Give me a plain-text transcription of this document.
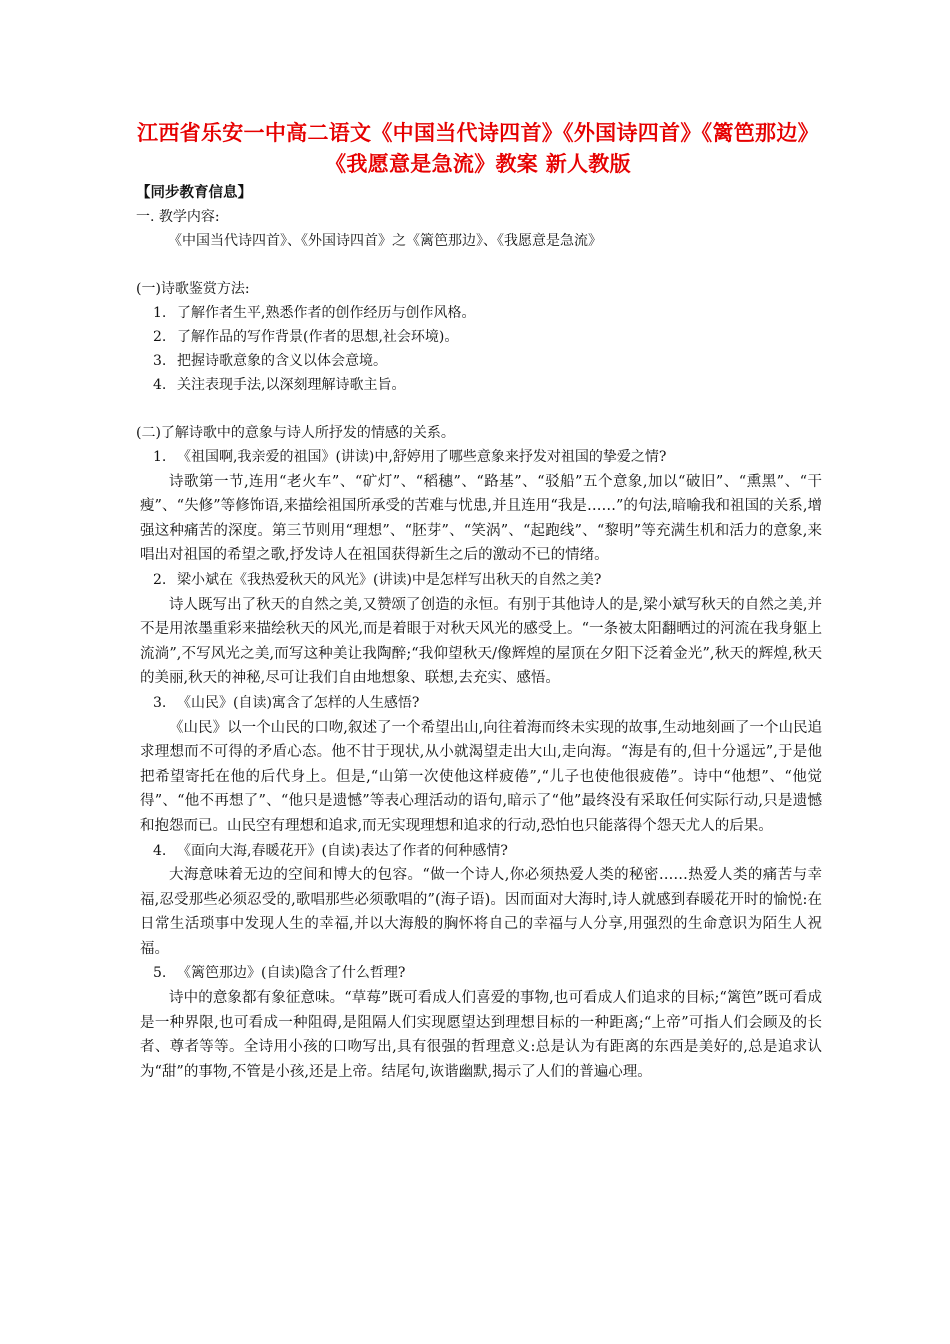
江西省乐安一中高二语文《中国当代诗四首》《外国诗四首》《篱笆那边》《我愿意是急流》教案 新人教版
【同步教育信息】
一. 教学内容:
《中国当代诗四首》、《外国诗四首》之《篱笆那边》、《我愿意是急流》
(一)诗歌鉴赏方法:
1. 了解作者生平,熟悉作者的创作经历与创作风格。
2. 了解作品的写作背景(作者的思想,社会环境)。
3. 把握诗歌意象的含义以体会意境。
4. 关注表现手法,以深刻理解诗歌主旨。
(二)了解诗歌中的意象与诗人所抒发的情感的关系。
1. 《祖国啊,我亲爱的祖国》(讲读)中,舒婷用了哪些意象来抒发对祖国的挚爱之情?

诗歌第一节,连用“老火车”、“矿灯”、“稻穗”、“路基”、“驳船”五个意象,加以“破旧”、“熏黑”、“干瘦”、“失修”等修饰语,来描绘祖国所承受的苦难与忧患,并且连用“我是……”的句法,暗喻我和祖国的关系,增强这种痛苦的深度。第三节则用“理想”、“胚芽”、“笑涡”、“起跑线”、“黎明”等充满生机和活力的意象,来唱出对祖国的希望之歌,抒发诗人在祖国获得新生之后的激动不已的情绪。

2. 梁小斌在《我热爱秋天的风光》(讲读)中是怎样写出秋天的自然之美?

诗人既写出了秋天的自然之美,又赞颂了创造的永恒。有别于其他诗人的是,梁小斌写秋天的自然之美,并不是用浓墨重彩来描绘秋天的风光,而是着眼于对秋天风光的感受上。“一条被太阳翻晒过的河流在我身躯上流淌”,不写风光之美,而写这种美让我陶醉;“我仰望秋天/像辉煌的屋顶在夕阳下泛着金光”,秋天的辉煌,秋天的美丽,秋天的神秘,尽可让我们自由地想象、联想,去充实、感悟。

3. 《山民》(自读)寓含了怎样的人生感悟?

《山民》以一个山民的口吻,叙述了一个希望出山,向往着海而终未实现的故事,生动地刻画了一个山民追求理想而不可得的矛盾心态。他不甘于现状,从小就渴望走出大山,走向海。“海是有的,但十分遥远”,于是他把希望寄托在他的后代身上。但是,“山第一次使他这样疲倦”,“儿子也使他很疲倦”。诗中“他想”、“他觉得”、“他不再想了”、“他只是遗憾”等表心理活动的语句,暗示了“他”最终没有采取任何实际行动,只是遗憾和抱怨而已。山民空有理想和追求,而无实现理想和追求的行动,恐怕也只能落得个怨天尤人的后果。

4. 《面向大海,春暖花开》(自读)表达了作者的何种感情?

大海意味着无边的空间和博大的包容。“做一个诗人,你必须热爱人类的秘密……热爱人类的痛苦与幸福,忍受那些必须忍受的,歌唱那些必须歌唱的”(海子语)。因而面对大海时,诗人就感到春暖花开时的愉悦:在日常生活琐事中发现人生的幸福,并以大海般的胸怀将自己的幸福与人分享,用强烈的生命意识为陌生人祝福。

5. 《篱笆那边》(自读)隐含了什么哲理?

诗中的意象都有象征意味。“草莓”既可看成人们喜爱的事物,也可看成人们追求的目标;“篱笆”既可看成是一种界限,也可看成一种阻碍,是阻隔人们实现愿望达到理想目标的一种距离;“上帝”可指人们会顾及的长者、尊者等等。全诗用小孩的口吻写出,具有很强的哲理意义:总是认为有距离的东西是美好的,总是追求认为“甜”的事物,不管是小孩,还是上帝。结尾句,诙谐幽默,揭示了人们的普遍心理。
